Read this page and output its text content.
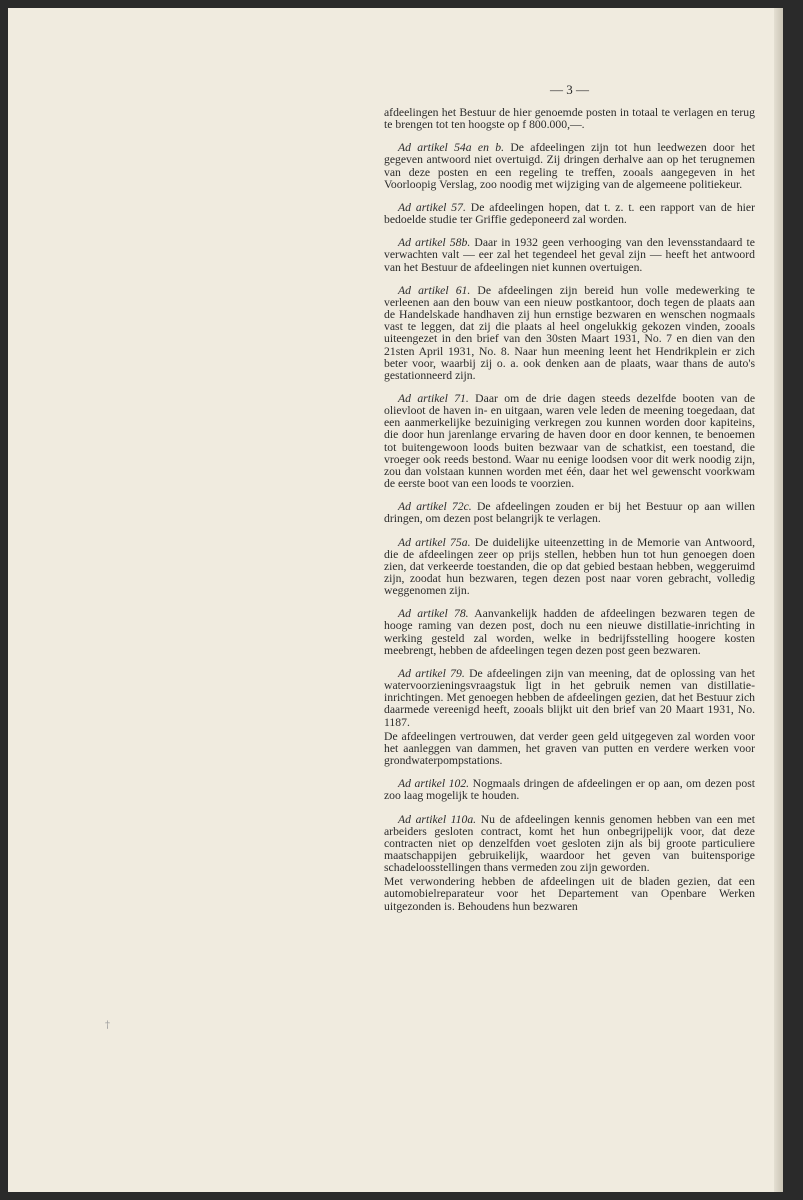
†
— 3 —

afdeelingen het Bestuur de hier genoemde posten in totaal te verlagen en terug te brengen tot ten hoogste op f 800.000,—.

Ad artikel 54a en b. De afdeelingen zijn tot hun leedwezen door het gegeven antwoord niet overtuigd. Zij dringen derhalve aan op het terugnemen van deze posten en een regeling te treffen, zooals aangegeven in het Voorloopig Verslag, zoo noodig met wijziging van de algemeene politiekeur.

Ad artikel 57. De afdeelingen hopen, dat t. z. t. een rapport van de hier bedoelde studie ter Griffie gedeponeerd zal worden.

Ad artikel 58b. Daar in 1932 geen verhooging van den levensstandaard te verwachten valt — eer zal het tegendeel het geval zijn — heeft het antwoord van het Bestuur de afdeelingen niet kunnen overtuigen.

Ad artikel 61. De afdeelingen zijn bereid hun volle medewerking te verleenen aan den bouw van een nieuw postkantoor, doch tegen de plaats aan de Handelskade handhaven zij hun ernstige bezwaren en wenschen nogmaals vast te leggen, dat zij die plaats al heel ongelukkig gekozen vinden, zooals uiteengezet in den brief van den 30sten Maart 1931, No. 7 en dien van den 21sten April 1931, No. 8. Naar hun meening leent het Hendrikplein er zich beter voor, waarbij zij o. a. ook denken aan de plaats, waar thans de auto's gestationneerd zijn.

Ad artikel 71. Daar om de drie dagen steeds dezelfde booten van de olievloot de haven in- en uitgaan, waren vele leden de meening toegedaan, dat een aanmerkelijke bezuiniging verkregen zou kunnen worden door kapiteins, die door hun jarenlange ervaring de haven door en door kennen, te benoemen tot buitengewoon loods buiten bezwaar van de schatkist, een toestand, die vroeger ook reeds bestond. Waar nu eenige loodsen voor dit werk noodig zijn, zou dan volstaan kunnen worden met één, daar het wel gewenscht voorkwam de eerste boot van een loods te voorzien.

Ad artikel 72c. De afdeelingen zouden er bij het Bestuur op aan willen dringen, om dezen post belangrijk te verlagen.

Ad artikel 75a. De duidelijke uiteenzetting in de Memorie van Antwoord, die de afdeelingen zeer op prijs stellen, hebben hun tot hun genoegen doen zien, dat verkeerde toestanden, die op dat gebied bestaan hebben, weggeruimd zijn, zoodat hun bezwaren, tegen dezen post naar voren gebracht, volledig weggenomen zijn.

Ad artikel 78. Aanvankelijk hadden de afdeelingen bezwaren tegen de hooge raming van dezen post, doch nu een nieuwe distillatie-inrichting in werking gesteld zal worden, welke in bedrijfsstelling hoogere kosten meebrengt, hebben de afdeelingen tegen dezen post geen bezwaren.

Ad artikel 79. De afdeelingen zijn van meening, dat de oplossing van het watervoorzieningsvraagstuk ligt in het gebruik nemen van distillatie-inrichtingen. Met genoegen hebben de afdeelingen gezien, dat het Bestuur zich daarmede vereenigd heeft, zooals blijkt uit den brief van 20 Maart 1931, No. 1187.

De afdeelingen vertrouwen, dat verder geen geld uitgegeven zal worden voor het aanleggen van dammen, het graven van putten en verdere werken voor grondwaterpompstations.

Ad artikel 102. Nogmaals dringen de afdeelingen er op aan, om dezen post zoo laag mogelijk te houden.

Ad artikel 110a. Nu de afdeelingen kennis genomen hebben van een met arbeiders gesloten contract, komt het hun onbegrijpelijk voor, dat deze contracten niet op denzelfden voet gesloten zijn als bij groote particuliere maatschappijen gebruikelijk, waardoor het geven van buitensporige schadeloosstellingen thans vermeden zou zijn geworden.

Met verwondering hebben de afdeelingen uit de bladen gezien, dat een automobielreparateur voor het Departement van Openbare Werken uitgezonden is. Behoudens hun bezwaren
